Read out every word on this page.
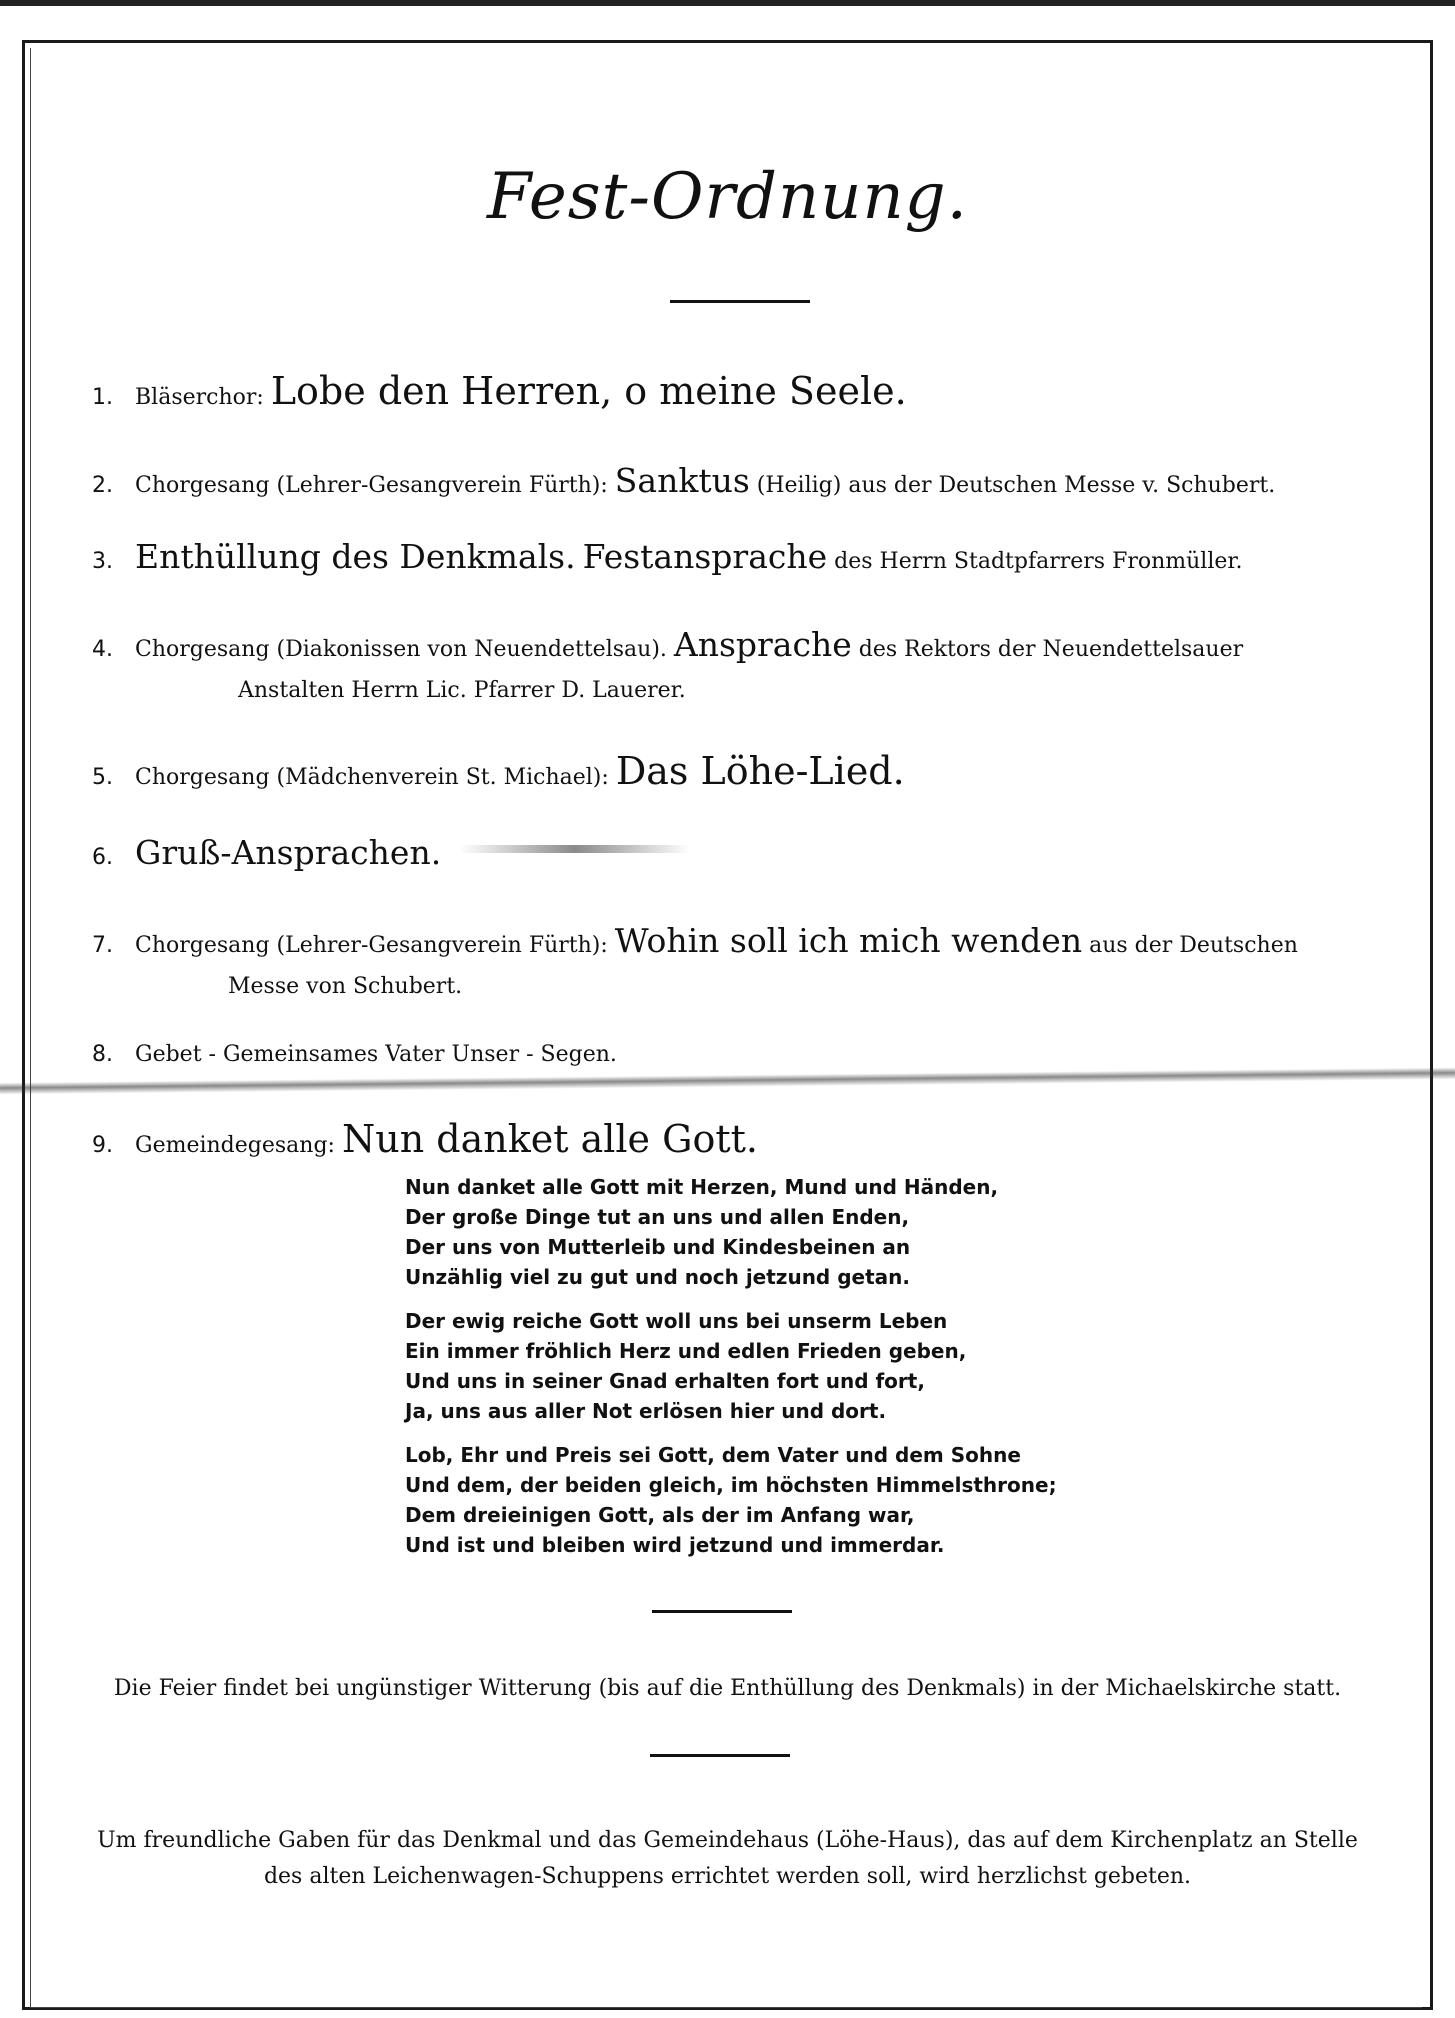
Fest-Ordnung.
1. Bläserchor: Lobe den Herren, o meine Seele.
2. Chorgesang (Lehrer-Gesangverein Fürth): Sanktus (Heilig) aus der Deutschen Messe v. Schubert.
3. Enthüllung des Denkmals. Festansprache des Herrn Stadtpfarrers Fronmüller.
4. Chorgesang (Diakonissen von Neuendettelsau). Ansprache des Rektors der Neuendettelsauer
Anstalten Herrn Lic. Pfarrer D. Lauerer.
5. Chorgesang (Mädchenverein St. Michael): Das Löhe-Lied.
6. Gruß-Ansprachen.
7. Chorgesang (Lehrer-Gesangverein Fürth): Wohin soll ich mich wenden aus der Deutschen
Messe von Schubert.
8. Gebet - Gemeinsames Vater Unser - Segen.
9. Gemeindegesang: Nun danket alle Gott.
Nun danket alle Gott mit Herzen, Mund und Händen,
Der große Dinge tut an uns und allen Enden,
Der uns von Mutterleib und Kindesbeinen an
Unzählig viel zu gut und noch jetzund getan.
Der ewig reiche Gott woll uns bei unserm Leben
Ein immer fröhlich Herz und edlen Frieden geben,
Und uns in seiner Gnad erhalten fort und fort,
Ja, uns aus aller Not erlösen hier und dort.
Lob, Ehr und Preis sei Gott, dem Vater und dem Sohne
Und dem, der beiden gleich, im höchsten Himmelsthrone;
Dem dreieinigen Gott, als der im Anfang war,
Und ist und bleiben wird jetzund und immerdar.
Die Feier findet bei ungünstiger Witterung (bis auf die Enthüllung des Denkmals) in der Michaelskirche statt.
Um freundliche Gaben für das Denkmal und das Gemeindehaus (Löhe-Haus), das auf dem Kirchenplatz an Stelle
des alten Leichenwagen-Schuppens errichtet werden soll, wird herzlichst gebeten.
